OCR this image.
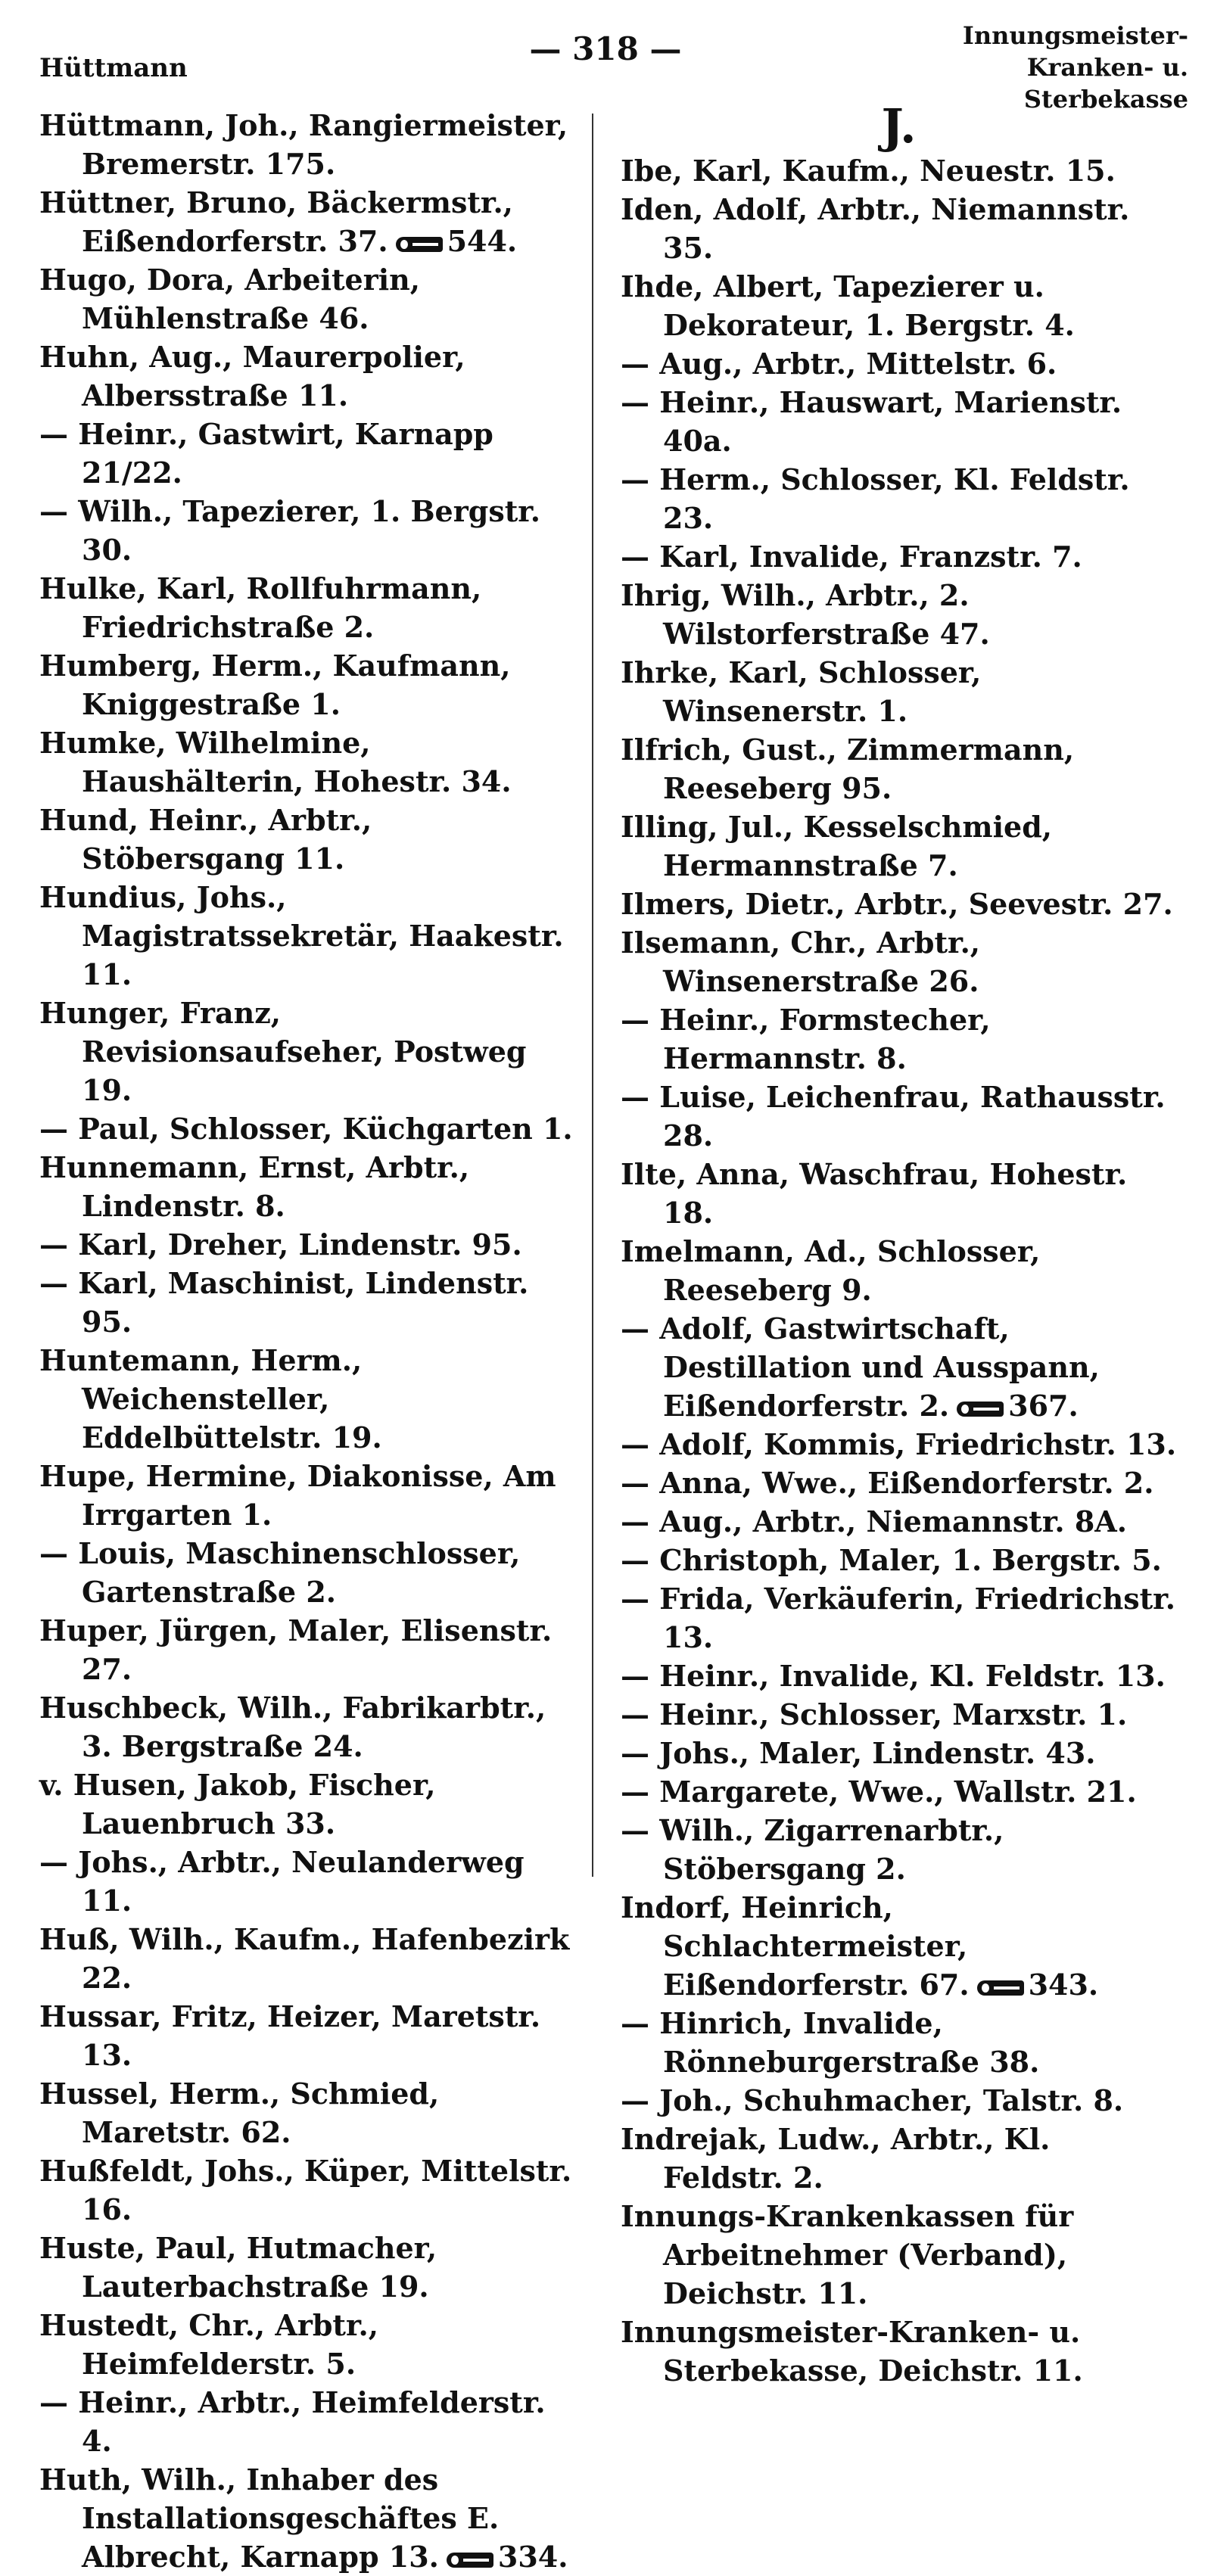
Hüttmann
— 318 —	Innungsmeister-
Kranken- u. Sterbekasse

Hüttmann, Joh., Rangiermeister, Bremerstr. 175.

Hüttner, Bruno, Bäckermstr., Eißendorferstr. 37. 544.

Hugo, Dora, Arbeiterin, Mühlenstraße 46.

Huhn, Aug., Maurerpolier, Albersstraße 11.

— Heinr., Gastwirt, Karnapp 21/22.

— Wilh., Tapezierer, 1. Bergstr. 30.

Hulke, Karl, Rollfuhrmann, Friedrichstraße 2.

Humberg, Herm., Kaufmann, Kniggestraße 1.

Humke, Wilhelmine, Haushälterin, Hohestr. 34.

Hund, Heinr., Arbtr., Stöbersgang 11.

Hundius, Johs., Magistratssekretär, Haakestr. 11.

Hunger, Franz, Revisionsaufseher, Postweg 19.

— Paul, Schlosser, Küchgarten 1.

Hunnemann, Ernst, Arbtr., Lindenstr. 8.

— Karl, Dreher, Lindenstr. 95.

— Karl, Maschinist, Lindenstr. 95.

Huntemann, Herm., Weichensteller, Eddelbüttelstr. 19.

Hupe, Hermine, Diakonisse, Am Irrgarten 1.

— Louis, Maschinenschlosser, Gartenstraße 2.

Huper, Jürgen, Maler, Elisenstr. 27.

Huschbeck, Wilh., Fabrikarbtr., 3. Bergstraße 24.

v. Husen, Jakob, Fischer, Lauenbruch 33.

— Johs., Arbtr., Neulanderweg 11.

Huß, Wilh., Kaufm., Hafenbezirk 22.

Hussar, Fritz, Heizer, Maretstr. 13.

Hussel, Herm., Schmied, Maretstr. 62.

Hußfeldt, Johs., Küper, Mittelstr. 16.

Huste, Paul, Hutmacher, Lauterbachstraße 19.

Hustedt, Chr., Arbtr., Heimfelderstr. 5.

— Heinr., Arbtr., Heimfelderstr. 4.

Huth, Wilh., Inhaber des Installationsgeschäftes E. Albrecht, Karnapp 13. 334.

J.

Ibe, Karl, Kaufm., Neuestr. 15.

Iden, Adolf, Arbtr., Niemannstr. 35.

Ihde, Albert, Tapezierer u. Dekorateur, 1. Bergstr. 4.

— Aug., Arbtr., Mittelstr. 6.

— Heinr., Hauswart, Marienstr. 40a.

— Herm., Schlosser, Kl. Feldstr. 23.

— Karl, Invalide, Franzstr. 7.

Ihrig, Wilh., Arbtr., 2. Wilstorferstraße 47.

Ihrke, Karl, Schlosser, Winsenerstr. 1.

Ilfrich, Gust., Zimmermann, Reeseberg 95.

Illing, Jul., Kesselschmied, Hermannstraße 7.

Ilmers, Dietr., Arbtr., Seevestr. 27.

Ilsemann, Chr., Arbtr., Winsenerstraße 26.

— Heinr., Formstecher, Hermannstr. 8.

— Luise, Leichenfrau, Rathausstr. 28.

Ilte, Anna, Waschfrau, Hohestr. 18.

Imelmann, Ad., Schlosser, Reeseberg 9.

— Adolf, Gastwirtschaft, Destillation und Ausspann, Eißendorferstr. 2. 367.

— Adolf, Kommis, Friedrichstr. 13.

— Anna, Wwe., Eißendorferstr. 2.

— Aug., Arbtr., Niemannstr. 8A.

— Christoph, Maler, 1. Bergstr. 5.

— Frida, Verkäuferin, Friedrichstr. 13.

— Heinr., Invalide, Kl. Feldstr. 13.

— Heinr., Schlosser, Marxstr. 1.

— Johs., Maler, Lindenstr. 43.

— Margarete, Wwe., Wallstr. 21.

— Wilh., Zigarrenarbtr., Stöbersgang 2.

Indorf, Heinrich, Schlachtermeister, Eißendorferstr. 67. 343.

— Hinrich, Invalide, Rönneburgerstraße 38.

— Joh., Schuhmacher, Talstr. 8.

Indrejak, Ludw., Arbtr., Kl. Feldstr. 2.

Innungs-Krankenkassen für Arbeitnehmer (Verband), Deichstr. 11.

Innungsmeister-Kranken- u. Sterbekasse, Deichstr. 11.
